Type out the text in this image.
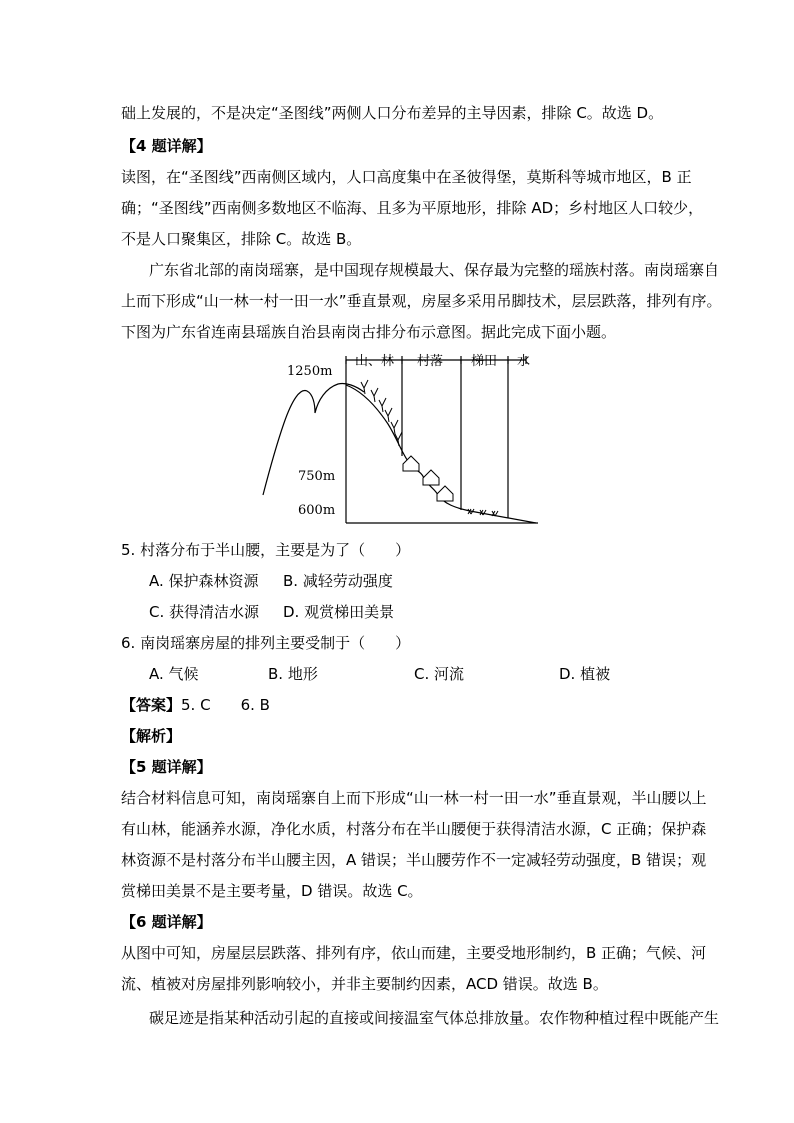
础上发展的，不是决定“圣图线”两侧人口分布差异的主导因素，排除 C。故选 D。
【4 题详解】
读图，在“圣图线”西南侧区域内，人口高度集中在圣彼得堡，莫斯科等城市地区，B 正
确；“圣图线”西南侧多数地区不临海、且多为平原地形，排除 AD；乡村地区人口较少，
不是人口聚集区，排除 C。故选 B。
广东省北部的南岗瑶寨，是中国现存规模最大、保存最为完整的瑶族村落。南岗瑶寨自
上而下形成“山一林一村一田一水”垂直景观，房屋多采用吊脚技术，层层跌落，排列有序。
下图为广东省连南县瑶族自治县南岗古排分布示意图。据此完成下面小题。
1250m
750m
600m
山、林 村落 梯田 水
5. 村落分布于半山腰，主要是为了（　　）
A. 保护森林资源 B. 减轻劳动强度
C. 获得清洁水源 D. 观赏梯田美景
6. 南岗瑶寨房屋的排列主要受制于（　　）
A. 气候	B. 地形	C. 河流	D. 植被
【答案】5. C　　6. B
【解析】
【5 题详解】
结合材料信息可知，南岗瑶寨自上而下形成“山一林一村一田一水”垂直景观，半山腰以上
有山林，能涵养水源，净化水质，村落分布在半山腰便于获得清洁水源，C 正确；保护森
林资源不是村落分布半山腰主因，A 错误；半山腰劳作不一定减轻劳动强度，B 错误；观
赏梯田美景不是主要考量，D 错误。故选 C。
【6 题详解】
从图中可知，房屋层层跌落、排列有序，依山而建，主要受地形制约，B 正确；气候、河
流、植被对房屋排列影响较小，并非主要制约因素，ACD 错误。故选 B。
碳足迹是指某种活动引起的直接或间接温室气体总排放量。农作物种植过程中既能产生
